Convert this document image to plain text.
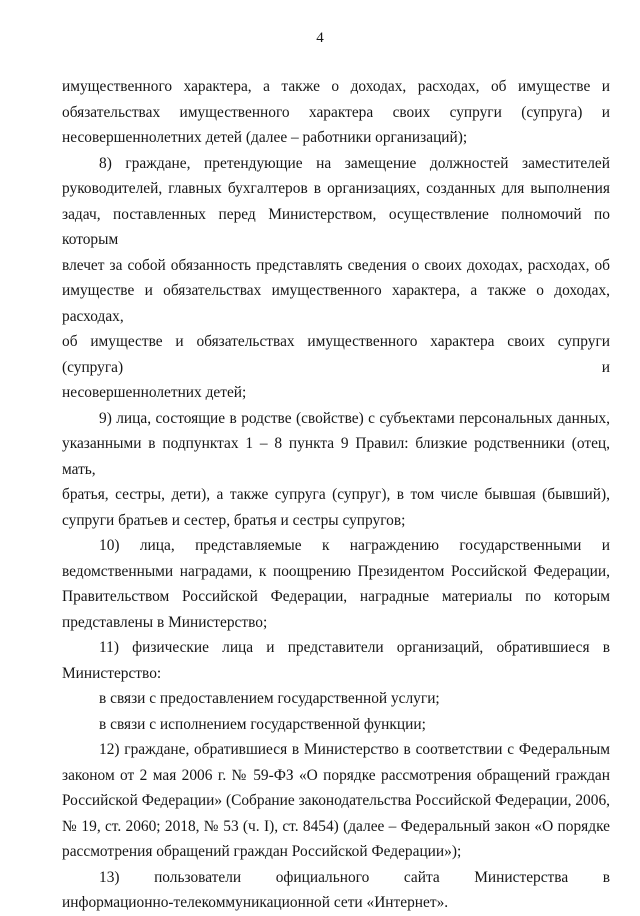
4
имущественного характера, а также о доходах, расходах, об имуществе и
обязательствах имущественного характера своих супруги (супруга) и
несовершеннолетних детей (далее – работники организаций);
8) граждане, претендующие на замещение должностей заместителей
руководителей, главных бухгалтеров в организациях, созданных для выполнения
задач, поставленных перед Министерством, осуществление полномочий по которым
влечет за собой обязанность представлять сведения о своих доходах, расходах, об
имуществе и обязательствах имущественного характера, а также о доходах, расходах,
об имуществе и обязательствах имущественного характера своих супруги (супруга) и
несовершеннолетних детей;
9) лица, состоящие в родстве (свойстве) с субъектами персональных данных,
указанными в подпунктах 1 – 8 пункта 9 Правил: близкие родственники (отец, мать,
братья, сестры, дети), а также супруга (супруг), в том числе бывшая (бывший),
супруги братьев и сестер, братья и сестры супругов;
10) лица, представляемые к награждению государственными и
ведомственными наградами, к поощрению Президентом Российской Федерации,
Правительством Российской Федерации, наградные материалы по которым
представлены в Министерство;
11) физические лица и представители организаций, обратившиеся в
Министерство:
в связи с предоставлением государственной услуги;
в связи с исполнением государственной функции;
12) граждане, обратившиеся в Министерство в соответствии с Федеральным
законом от 2 мая 2006 г. № 59-ФЗ «О порядке рассмотрения обращений граждан
Российской Федерации» (Собрание законодательства Российской Федерации, 2006,
№ 19, ст. 2060; 2018, № 53 (ч. I), ст. 8454) (далее – Федеральный закон «О порядке
рассмотрения обращений граждан Российской Федерации»);
13) пользователи официального сайта Министерства в
информационно-телекоммуникационной сети «Интернет».
